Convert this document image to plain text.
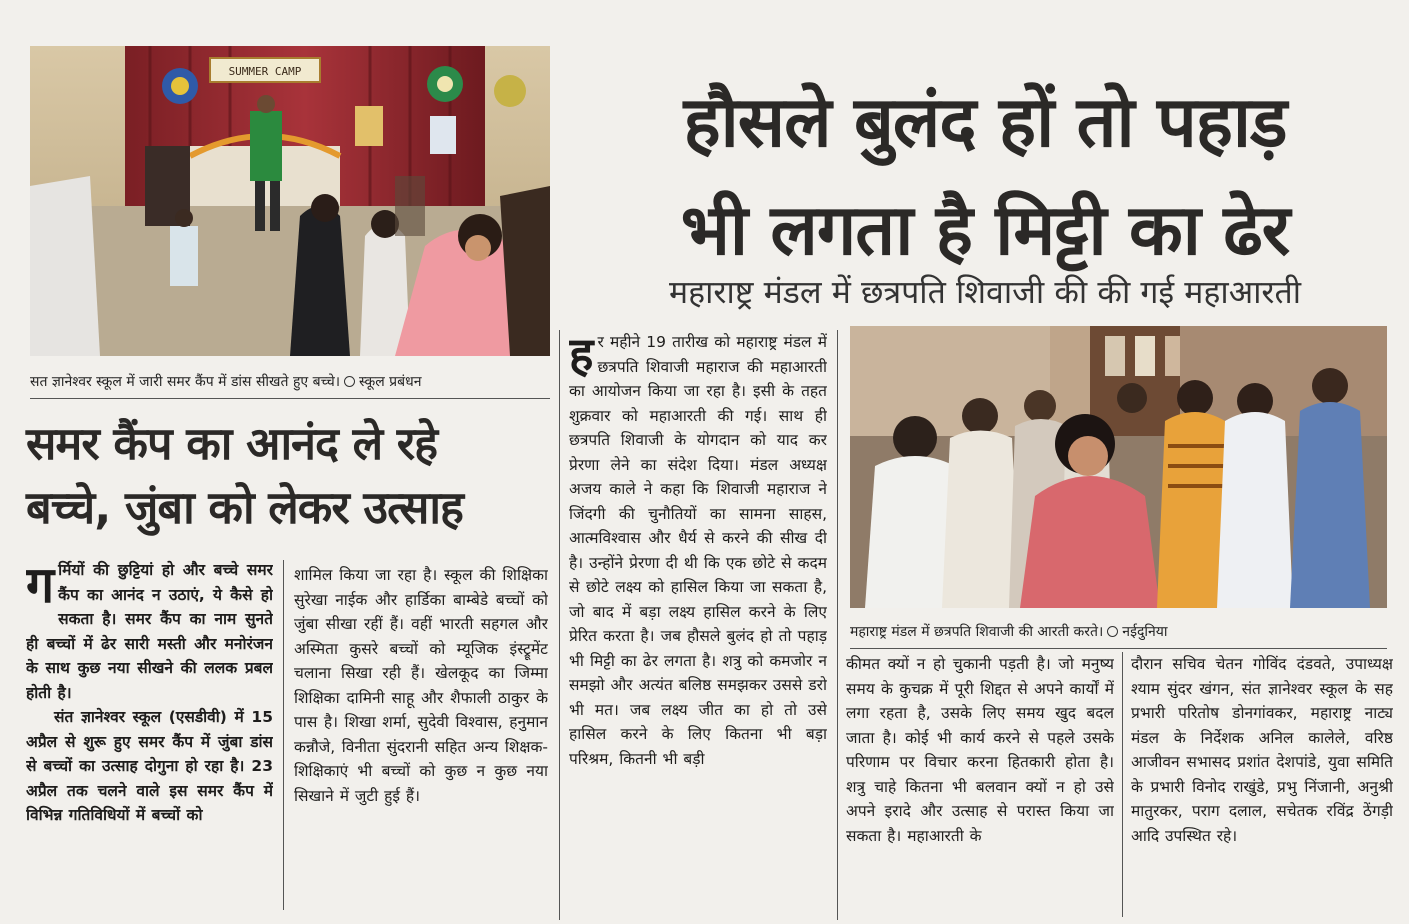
SUMMER CAMP
सत ज्ञानेश्वर स्कूल में जारी समर कैंप में डांस सीखते हुए बच्चे। स्कूल प्रबंधन
समर कैंप का आनंद ले रहे
बच्चे, जुंबा को लेकर उत्साह

गर्मियों की छुट्टियां हो और बच्चे समर कैंप का आनंद न उठाएं, ये कैसे हो सकता है। समर कैंप का नाम सुनते ही बच्चों में ढेर सारी मस्ती और मनोरंजन के साथ कुछ नया सीखने की ललक प्रबल होती है।

संत ज्ञानेश्वर स्कूल (एसडीवी) में 15 अप्रैल से शुरू हुए समर कैंप में जुंबा डांस से बच्चों का उत्साह दोगुना हो रहा है। 23 अप्रैल तक चलने वाले इस समर कैंप में विभिन्न गतिविधियों में बच्चों को

शामिल किया जा रहा है। स्कूल की शिक्षिका सुरेखा नाईक और हार्डिका बाम्बेडे बच्चों को जुंबा सीखा रहीं हैं। वहीं भारती सहगल और अस्मिता कुसरे बच्चों को म्यूजिक इंस्ट्रूमेंट चलाना सिखा रही हैं। खेलकूद का जिम्मा शिक्षिका दामिनी साहू और शैफाली ठाकुर के पास है। शिखा शर्मा, सुदेवी विश्वास, हनुमान कन्नौजे, विनीता सुंदरानी सहित अन्य शिक्षक-शिक्षिकाएं भी बच्चों को कुछ न कुछ नया सिखाने में जुटी हुई हैं।

हौसले बुलंद हों तो पहाड़
भी लगता है मिट्टी का ढेर
महाराष्ट्र मंडल में छत्रपति शिवाजी की की गई महाआरती

हर महीने 19 तारीख को महाराष्ट्र मंडल में छत्रपति शिवाजी महाराज की महाआरती का आयोजन किया जा रहा है। इसी के तहत शुक्रवार को महाआरती की गई। साथ ही छत्रपति शिवाजी के योगदान को याद कर प्रेरणा लेने का संदेश दिया। मंडल अध्यक्ष अजय काले ने कहा कि शिवाजी महाराज ने जिंदगी की चुनौतियों का सामना साहस, आत्मविश्वास और धैर्य से करने की सीख दी है। उन्होंने प्रेरणा दी थी कि एक छोटे से कदम से छोटे लक्ष्य को हासिल किया जा सकता है, जो बाद में बड़ा लक्ष्य हासिल करने के लिए प्रेरित करता है। जब हौसले बुलंद हो तो पहाड़ भी मिट्टी का ढेर लगता है। शत्रु को कमजोर न समझो और अत्यंत बलिष्ठ समझकर उससे डरो भी मत। जब लक्ष्य जीत का हो तो उसे हासिल करने के लिए कितना भी बड़ा परिश्रम, कितनी भी बड़ी

महाराष्ट्र मंडल में छत्रपति शिवाजी की आरती करते। नईदुनिया

कीमत क्यों न हो चुकानी पड़ती है। जो मनुष्य समय के कुचक्र में पूरी शिद्दत से अपने कार्यों में लगा रहता है, उसके लिए समय खुद बदल जाता है। कोई भी कार्य करने से पहले उसके परिणाम पर विचार करना हितकारी होता है। शत्रु चाहे कितना भी बलवान क्यों न हो उसे अपने इरादे और उत्साह से परास्त किया जा सकता है। महाआरती के

दौरान सचिव चेतन गोविंद दंडवते, उपाध्यक्ष श्याम सुंदर खंगन, संत ज्ञानेश्वर स्कूल के सह प्रभारी परितोष डोनगांवकर, महाराष्ट्र नाट्य मंडल के निर्देशक अनिल कालेले, वरिष्ठ आजीवन सभासद प्रशांत देशपांडे, युवा समिति के प्रभारी विनोद राखुंडे, प्रभु निंजानी, अनुश्री मातुरकर, पराग दलाल, सचेतक रविंद्र ठेंगड़ी आदि उपस्थित रहे।
